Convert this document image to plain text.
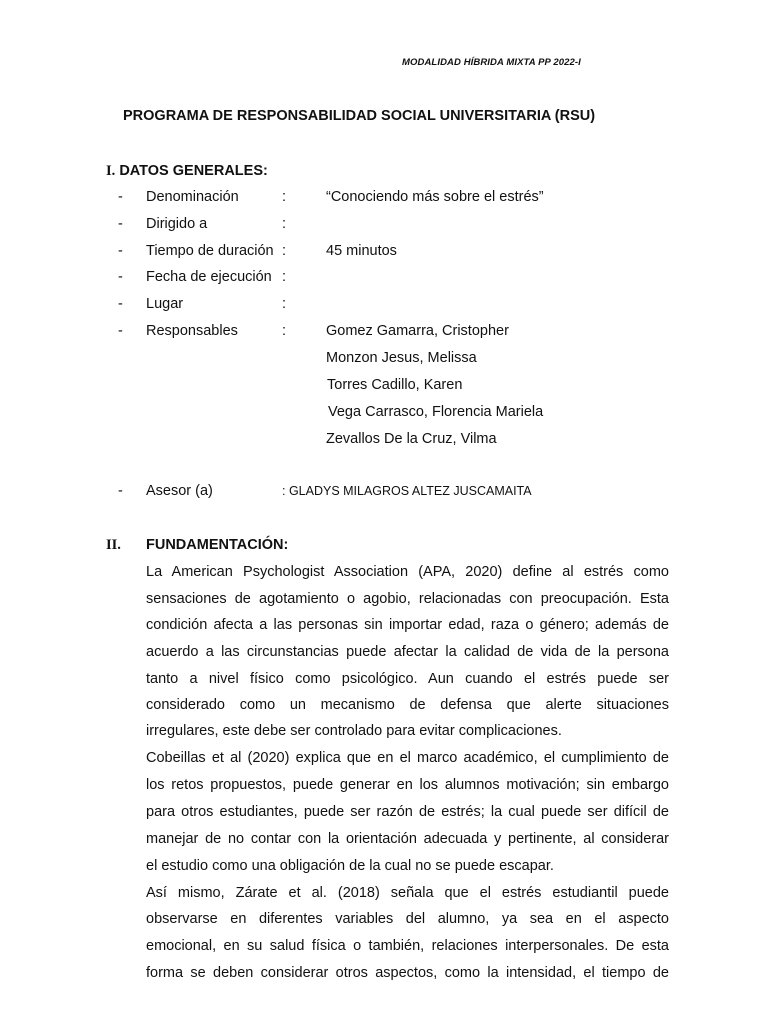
MODALIDAD HÍBRIDA MIXTA PP 2022-I
PROGRAMA DE RESPONSABILIDAD SOCIAL UNIVERSITARIA (RSU)
I. DATOS GENERALES:
- Denominación	:	“Conociendo más sobre el estrés”
- Dirigido a	:
- Tiempo de duración :	45 minutos
- Fecha de ejecución :
- Lugar	:
- Responsables	:	Gomez Gamarra, Cristopher
Monzon Jesus, Melissa
Torres Cadillo, Karen
Vega Carrasco, Florencia Mariela
Zevallos De la Cruz, Vilma
- Asesor (a)	: GLADYS MILAGROS ALTEZ JUSCAMAITA
II. FUNDAMENTACIÓN:
La American Psychologist Association (APA, 2020) define al estrés como
sensaciones de agotamiento o agobio, relacionadas con preocupación. Esta
condición afecta a las personas sin importar edad, raza o género; además de
acuerdo a las circunstancias puede afectar la calidad de vida de la persona
tanto a nivel físico como psicológico. Aun cuando el estrés puede ser
considerado como un mecanismo de defensa que alerte situaciones
irregulares, este debe ser controlado para evitar complicaciones.
Cobeillas et al (2020) explica que en el marco académico, el cumplimiento de
los retos propuestos, puede generar en los alumnos motivación; sin embargo
para otros estudiantes, puede ser razón de estrés; la cual puede ser difícil de
manejar de no contar con la orientación adecuada y pertinente, al considerar
el estudio como una obligación de la cual no se puede escapar.
Así mismo, Zárate et al. (2018) señala que el estrés estudiantil puede
observarse en diferentes variables del alumno, ya sea en el aspecto
emocional, en su salud física o también, relaciones interpersonales. De esta
forma se deben considerar otros aspectos, como la intensidad, el tiempo de
